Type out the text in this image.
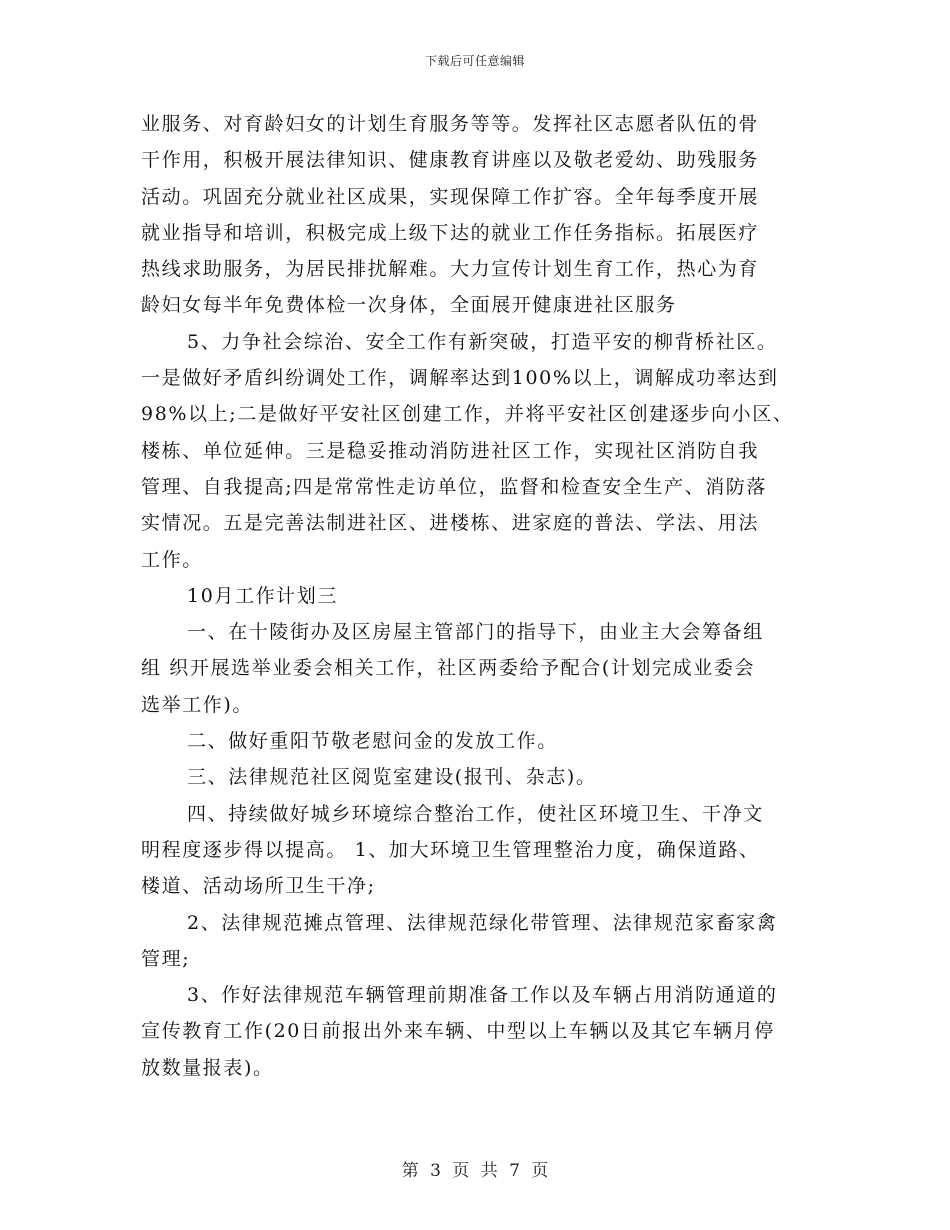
下载后可任意编辑
业服务、对育龄妇女的计划生育服务等等。发挥社区志愿者队伍的骨
干作用，积极开展法律知识、健康教育讲座以及敬老爱幼、助残服务
活动。巩固充分就业社区成果，实现保障工作扩容。全年每季度开展
就业指导和培训，积极完成上级下达的就业工作任务指标。拓展医疗
热线求助服务，为居民排扰解难。大力宣传计划生育工作，热心为育
龄妇女每半年免费体检一次身体，全面展开健康进社区服务
5、力争社会综治、安全工作有新突破，打造平安的柳背桥社区。
一是做好矛盾纠纷调处工作，调解率达到100%以上，调解成功率达到
98%以上;二是做好平安社区创建工作，并将平安社区创建逐步向小区、
楼栋、单位延伸。三是稳妥推动消防进社区工作，实现社区消防自我
管理、自我提高;四是常常性走访单位，监督和检查安全生产、消防落
实情况。五是完善法制进社区、进楼栋、进家庭的普法、学法、用法
工作。
10月工作计划三
一、在十陵街办及区房屋主管部门的指导下，由业主大会筹备组
组 织开展选举业委会相关工作，社区两委给予配合(计划完成业委会
选举工作)。
二、做好重阳节敬老慰问金的发放工作。
三、法律规范社区阅览室建设(报刊、杂志)。
四、持续做好城乡环境综合整治工作，使社区环境卫生、干净文
明程度逐步得以提高。 1、加大环境卫生管理整治力度，确保道路、
楼道、活动场所卫生干净;
2、法律规范摊点管理、法律规范绿化带管理、法律规范家畜家禽
管理;
3、作好法律规范车辆管理前期准备工作以及车辆占用消防通道的
宣传教育工作(20日前报出外来车辆、中型以上车辆以及其它车辆月停
放数量报表)。
第 3 页 共 7 页
